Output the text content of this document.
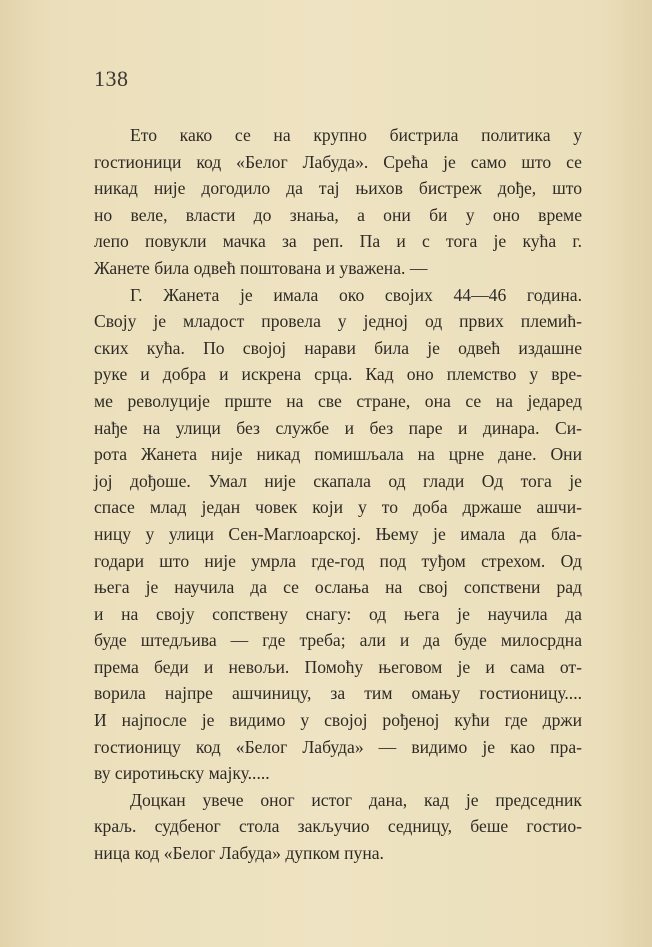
138
Ето како се на крупно бистрила политика у
гостионици код «Белог Лабуда». Срећа је само што се
никад није догодило да тај њихов бистреж дође, што
но веле, власти до знања, а они би у оно време
лепо повукли мачка за реп. Па и с тога је кућа г.
Жанете била одвећ поштована и уважена. —
Г. Жанета је имала око својих 44—46 година.
Своју је младост провела у једној од првих племић-
ских кућа. По својој нарави била је одвећ издашне
руке и добра и искрена срца. Кад оно племство у вре-
ме револуције прште на све стране, она се на једаред
нађе на улици без службе и без паре и динара. Си-
рота Жанета није никад помишљала на црне дане. Они
јој дођоше. Умал није скапала од глади Од тога је
спасе млад један човек који у то доба држаше ашчи-
ницу у улици Сен-Маглоарској. Њему је имала да бла-
годари што није умрла где-год под туђом стрехом. Од
њега је научила да се ослања на свој сопствени рад
и на своју сопствену снагу: од њега је научила да
буде штедљива — где треба; али и да буде милосрдна
према беди и невољи. Помоћу његовом је и сама от-
ворила најпре ашчиницу, за тим омању гостионицу....
И најпосле је видимо у својој рођеној кући где држи
гостионицу код «Белог Лабуда» — видимо је као пра-
ву сиротињску мајку.....
Доцкан увече оног истог дана, кад је председник
краљ. судбеног стола закључио седницу, беше гостио-
ница код «Белог Лабуда» дупком пуна.
